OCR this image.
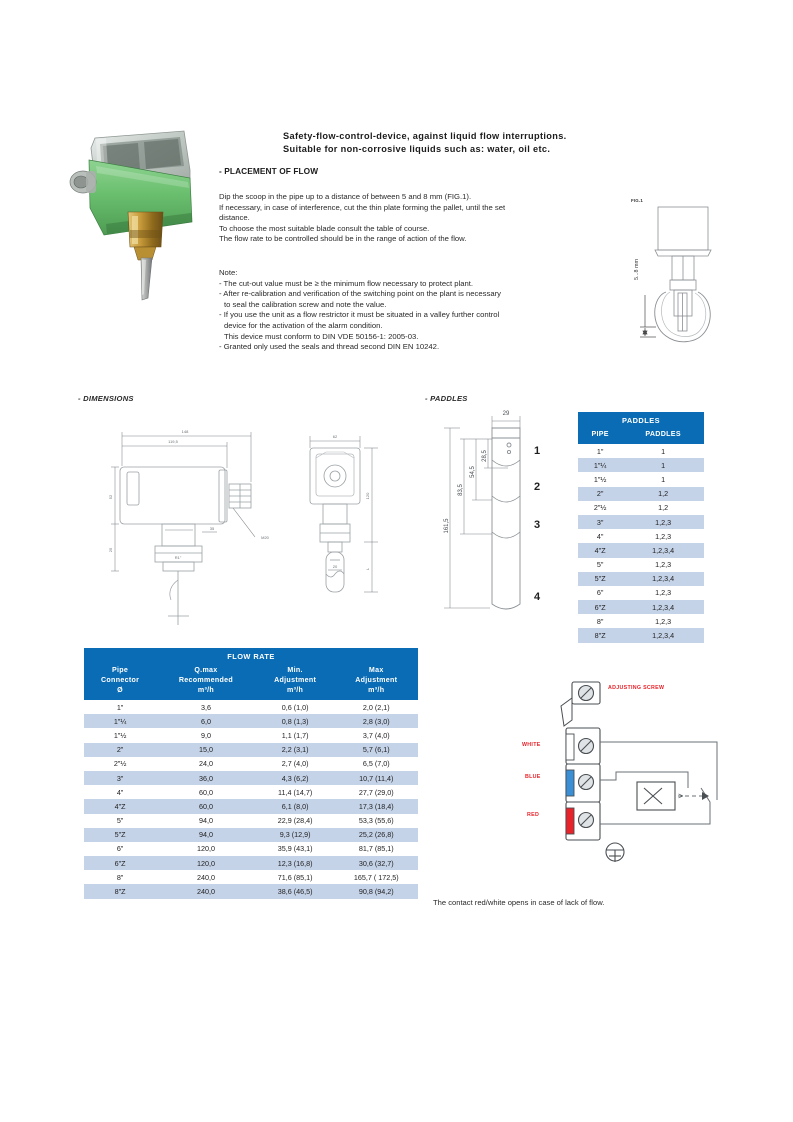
Safety-flow-control-device, against liquid flow interruptions.
Suitable for non-corrosive liquids such as: water, oil etc.
- PLACEMENT OF FLOW
Dip the scoop in the pipe up to a distance of between 5 and 8 mm (FIG.1).
If necessary, in case of interference, cut the thin plate forming the pallet, until the set
distance.
To choose the most suitable blade consult the table of course.
The flow rate to be controlled should be in the range of action of the flow.
Note:
- The cut-out value must be ≥ the minimum flow necessary to protect plant.
- After re-calibration and verification of the switching point on the plant is necessary
to seal the calibration screw and note the value.
- If you use the unit as a flow restrictor it must be situated in a valley further control
device for the activation of the alarm condition.
This device must conform to DIN VDE 50156-1: 2005-03.
- Granted only used the seals and thread second DIN EN 10242.
FIG.1
5...8 mm
- DIMENSIONS	- PADDLES
148
119,5
52
25
35
R1"
M20
62
120
L
20
29
28,5
54,5
83,5
161,5
1
2
3
4
PADDLES	
PIPE	PADDLES
1"	1
1"¼	1
1"½	1
2"	1,2
2"½	1,2
3"	1,2,3
4"	1,2,3
4"Z	1,2,3,4
5"	1,2,3
5"Z	1,2,3,4
6"	1,2,3
6"Z	1,2,3,4
8"	1,2,3
8"Z	1,2,3,4
FLOW RATE			

Pipe
Connector
Ø

Q.max
Recommended
m³/h

Min.
Adjustment
m³/h

Max
Adjustment
m³/h

1"	3,6	0,6 (1,0)	2,0 (2,1)
1"¼	6,0	0,8 (1,3)	2,8 (3,0)
1"½	9,0	1,1 (1,7)	3,7 (4,0)
2"	15,0	2,2 (3,1)	5,7 (6,1)
2"½	24,0	2,7 (4,0)	6,5 (7,0)
3"	36,0	4,3 (6,2)	10,7 (11,4)
4"	60,0	11,4 (14,7)	27,7 (29,0)
4"Z	60,0	6,1 (8,0)	17,3 (18,4)
5"	94,0	22,9 (28,4)	53,3 (55,6)
5"Z	94,0	9,3 (12,9)	25,2 (26,8)
6"	120,0	35,9 (43,1)	81,7 (85,1)
6"Z	120,0	12,3 (16,8)	30,6 (32,7)
8"	240,0	71,6 (85,1)	165,7 ( 172,5)
8"Z	240,0	38,6 (46,5)	90,8 (94,2)
>
ADJUSTING SCREW
WHITE
BLUE
RED
The contact red/white opens in case of lack of flow.
